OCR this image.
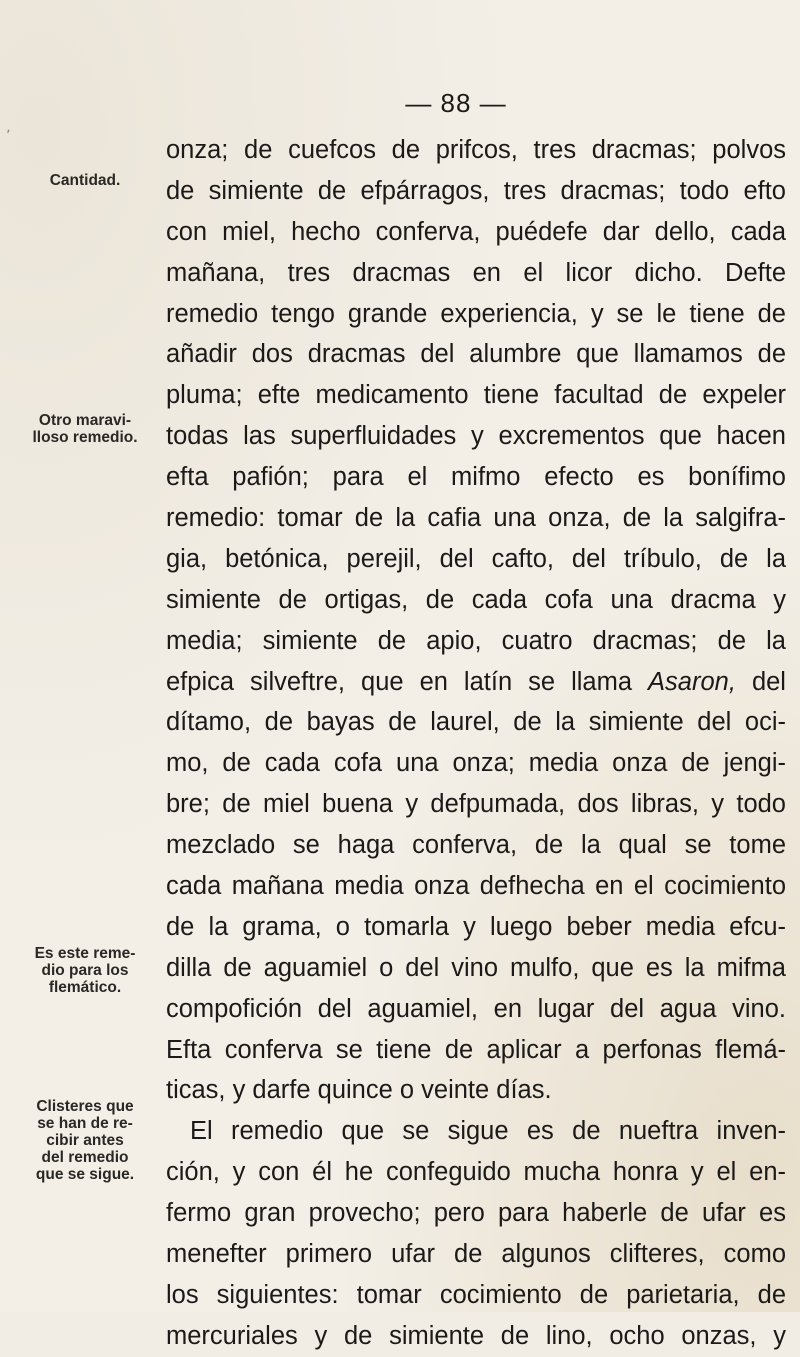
ʼ
— 88 —
Cantidad.
Otro maravi-
lloso remedio.
Es este reme-
dio para los
flemático.
Clisteres que
se han de re-
cibir antes
del remedio
que se sigue.
onza; de cuefcos de prifcos, tres dracmas; polvos
de simiente de efpárragos, tres dracmas; todo efto
con miel, hecho conferva, puédefe dar dello, cada
mañana, tres dracmas en el licor dicho. Defte
remedio tengo grande experiencia, y se le tiene de
añadir dos dracmas del alumbre que llamamos de
pluma; efte medicamento tiene facultad de expeler
todas las superfluidades y excrementos que hacen
efta pafión; para el mifmo efecto es bonífimo
remedio: tomar de la cafia una onza, de la salgifra-
gia, betónica, perejil, del cafto, del tríbulo, de la
simiente de ortigas, de cada cofa una dracma y
media; simiente de apio, cuatro dracmas; de la
efpica silveftre, que en latín se llama Asaron, del
dítamo, de bayas de laurel, de la simiente del oci-
mo, de cada cofa una onza; media onza de jengi-
bre; de miel buena y defpumada, dos libras, y todo
mezclado se haga conferva, de la qual se tome
cada mañana media onza defhecha en el cocimiento
de la grama, o tomarla y luego beber media efcu-
dilla de aguamiel o del vino mulfo, que es la mifma
compofición del aguamiel, en lugar del agua vino.
Efta conferva se tiene de aplicar a perfonas flemá-
ticas, y darfe quince o veinte días.
El remedio que se sigue es de nueftra inven-
ción, y con él he confeguido mucha honra y el en-
fermo gran provecho; pero para haberle de ufar es
menefter primero ufar de algunos clifteres, como
los siguientes: tomar cocimiento de parietaria, de
mercuriales y de simiente de lino, ocho onzas, y
